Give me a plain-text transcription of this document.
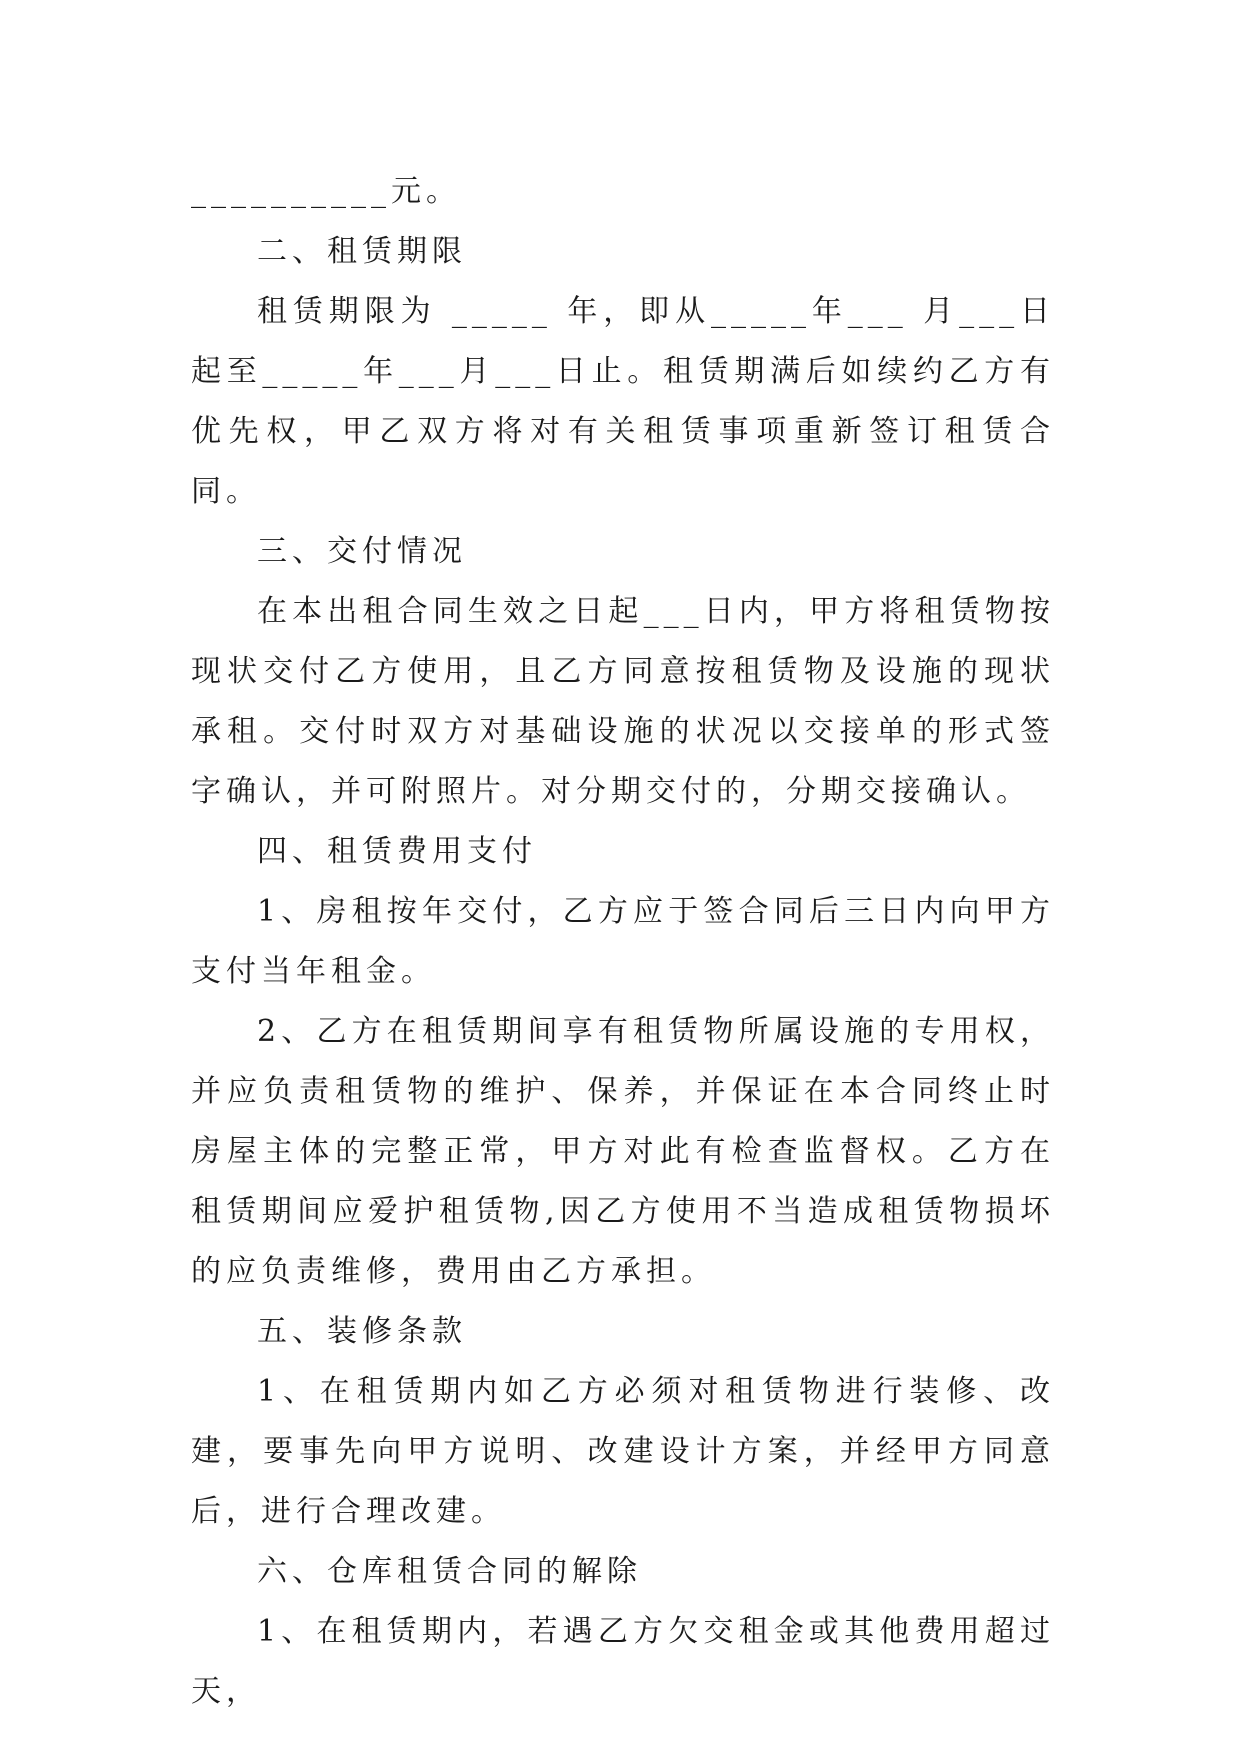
__________元。

二、租赁期限

租赁期限为 _____ 年，即从_____年___ 月___日起至_____年___月___日止。租赁期满后如续约乙方有优先权，甲乙双方将对有关租赁事项重新签订租赁合同。

三、交付情况

在本出租合同生效之日起___日内，甲方将租赁物按现状交付乙方使用，且乙方同意按租赁物及设施的现状承租。交付时双方对基础设施的状况以交接单的形式签字确认，并可附照片。对分期交付的，分期交接确认。

四、租赁费用支付

1、房租按年交付，乙方应于签合同后三日内向甲方支付当年租金。

2、乙方在租赁期间享有租赁物所属设施的专用权，并应负责租赁物的维护、保养，并保证在本合同终止时房屋主体的完整正常，甲方对此有检查监督权。乙方在租赁期间应爱护租赁物,因乙方使用不当造成租赁物损坏的应负责维修，费用由乙方承担。

五、装修条款

1、在租赁期内如乙方必须对租赁物进行装修、改建，要事先向甲方说明、改建设计方案，并经甲方同意后，进行合理改建。

六、仓库租赁合同的解除

1、在租赁期内，若遇乙方欠交租金或其他费用超过 天，
